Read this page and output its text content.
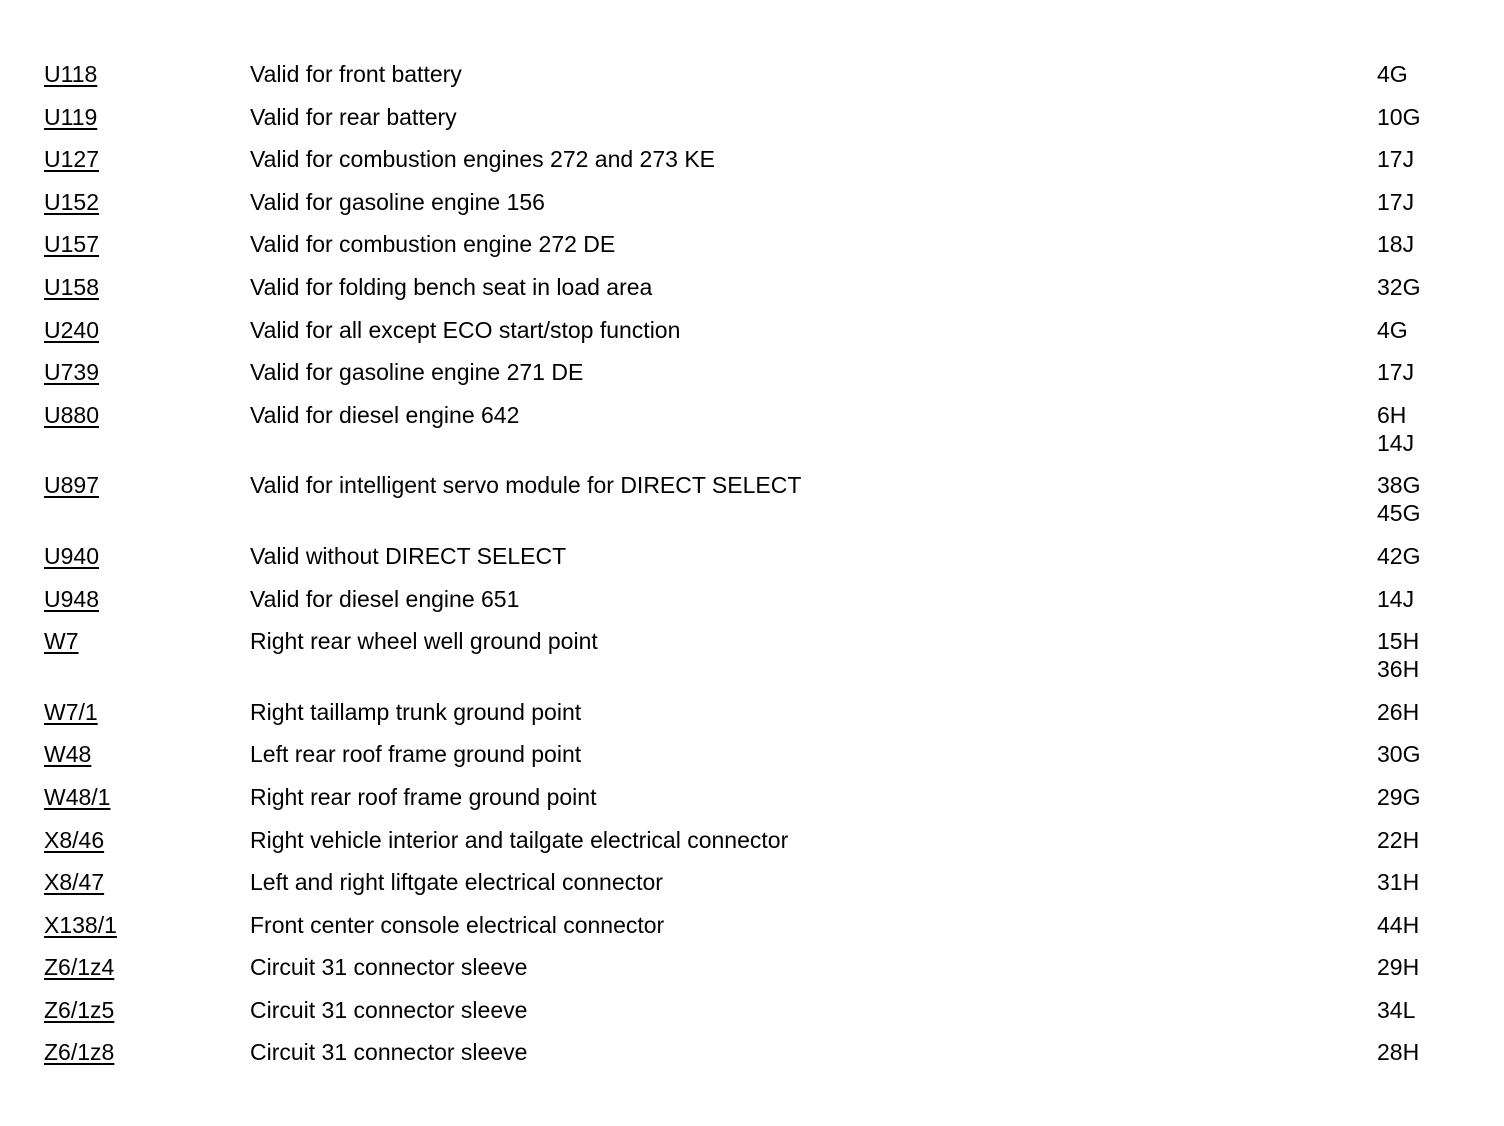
U118	Valid for front battery	4G
U119	Valid for rear battery	10G
U127	Valid for combustion engines 272 and 273 KE	17J
U152	Valid for gasoline engine 156	17J
U157	Valid for combustion engine 272 DE	18J
U158	Valid for folding bench seat in load area	32G
U240	Valid for all except ECO start/stop function	4G
U739	Valid for gasoline engine 271 DE	17J
U880	Valid for diesel engine 642	6H
14J
U897	Valid for intelligent servo module for DIRECT SELECT	38G
45G
U940	Valid without DIRECT SELECT	42G
U948	Valid for diesel engine 651	14J
W7	Right rear wheel well ground point	15H
36H
W7/1	Right taillamp trunk ground point	26H
W48	Left rear roof frame ground point	30G
W48/1	Right rear roof frame ground point	29G
X8/46	Right vehicle interior and tailgate electrical connector	22H
X8/47	Left and right liftgate electrical connector	31H
X138/1	Front center console electrical connector	44H
Z6/1z4	Circuit 31 connector sleeve	29H
Z6/1z5	Circuit 31 connector sleeve	34L
Z6/1z8	Circuit 31 connector sleeve	28H
